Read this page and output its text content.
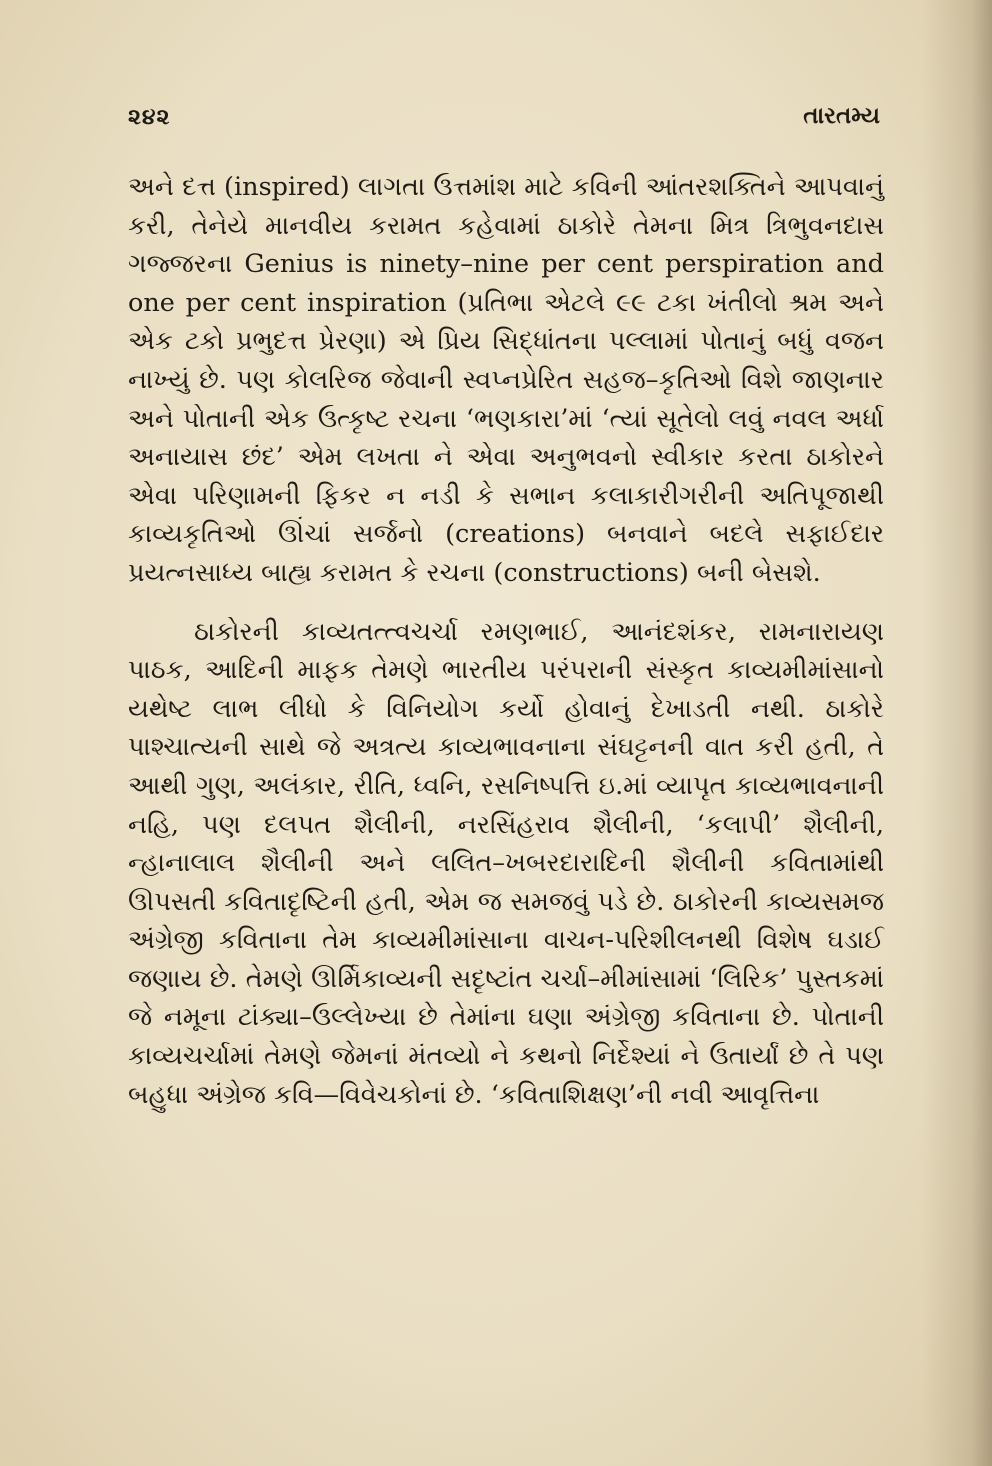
૨૪૨	તારતમ્ય

અને દત્ત (inspired) લાગતા ઉત્તમાંશ માટે કવિની આંતરશક્તિને આપવાનું કરી, તેનેયે માનવીય કરામત કહેવામાં ઠાકોરે તેમના મિત્ર ત્રિભુવનદાસ ગજ્જરના Genius is ninety–nine per cent perspiration and one per cent inspiration (પ્રતિભા એટલે ૯૯ ટકા ખંતીલો શ્રમ અને એક ટકો પ્રભુદત્ત પ્રેરણા) એ પ્રિય સિદ્ધાંતના પલ્લામાં પોતાનું બધું વજન નાખ્યું છે. પણ કોલરિજ જેવાની સ્વપ્નપ્રેરિત સહજ–કૃતિઓ વિશે જાણનાર અને પોતાની એક ઉત્કૃષ્ટ રચના ‘ભણકારા’માં ‘ત્યાં સૂતેલો લવું નવલ અર્ધા અનાયાસ છંદ’ એમ લખતા ને એવા અનુભવનો સ્વીકાર કરતા ઠાકોરને એવા પરિણામની ફિકર ન નડી કે સભાન કલાકારીગરીની અતિપૂજાથી કાવ્યકૃતિઓ ઊંચાં સર્જનો (creations) બનવાને બદલે સફાઈદાર પ્રયત્નસાધ્ય બાહ્ય કરામત કે રચના (constructions) બની બેસશે.

ઠાકોરની કાવ્યતત્ત્વચર્ચા રમણભાઈ, આનંદશંકર, રામનારાયણ પાઠક, આદિની માફક તેમણે ભારતીય પરંપરાની સંસ્કૃત કાવ્યમીમાંસાનો યથેષ્ટ લાભ લીધો કે વિનિયોગ કર્યો હોવાનું દેખાડતી નથી. ઠાકોરે પાશ્ચાત્યની સાથે જે અત્રત્ય કાવ્યભાવનાના સંઘટ્ટનની વાત કરી હતી, તે આથી ગુણ, અલંકાર, રીતિ, ધ્વનિ, રસનિષ્પત્તિ ઇ.માં વ્યાપૃત કાવ્યભાવનાની નહિ, પણ દલપત શૈલીની, નરસિંહરાવ શૈલીની, ‘કલાપી’ શૈલીની, ન્હાનાલાલ શૈલીની અને લલિત–ખબરદારાદિની શૈલીની કવિતામાંથી ઊપસતી કવિતાદૃષ્ટિની હતી, એમ જ સમજવું પડે છે. ઠાકોરની કાવ્યસમજ અંગ્રેજી કવિતાના તેમ કાવ્યમીમાંસાના વાચન-પરિશીલનથી વિશેષ ઘડાઈ જણાય છે. તેમણે ઊર્મિકાવ્યની સદૃષ્ટાંત ચર્ચા–મીમાંસામાં ‘લિરિક’ પુસ્તકમાં જે નમૂના ટાંક્યા–ઉલ્લેખ્યા છે તેમાંના ઘણા અંગ્રેજી કવિતાના છે. પોતાની કાવ્યચર્ચામાં તેમણે જેમનાં મંતવ્યો ને કથનો નિર્દેશ્યાં ને ઉતાર્યાં છે તે પણ બહુધા અંગ્રેજ કવિ—વિવેચકોનાં છે. ‘કવિતાશિક્ષણ’ની નવી આવૃત્તિના
